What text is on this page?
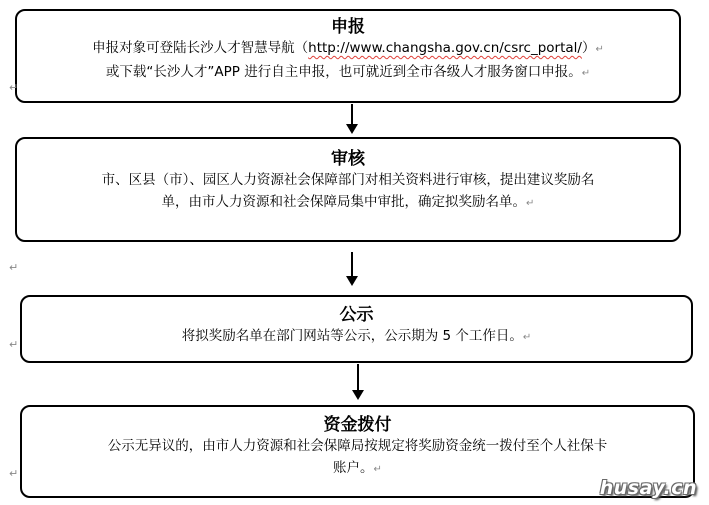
申报
申报对象可登陆长沙人才智慧导航（http://www.changsha.gov.cn/csrc_portal/）↵
或下载“长沙人才”APP 进行自主申报，也可就近到全市各级人才服务窗口申报。↵
审核
市、区县（市）、园区人力资源社会保障部门对相关资料进行审核，提出建议奖励名
单，由市人力资源和社会保障局集中审批，确定拟奖励名单。↵
↵
公示
将拟奖励名单在部门网站等公示，公示期为 5 个工作日。↵
↵
资金拨付
公示无异议的，由市人力资源和社会保障局按规定将奖励资金统一拨付至个人社保卡
账户。↵
↵
↵
husay.cn
